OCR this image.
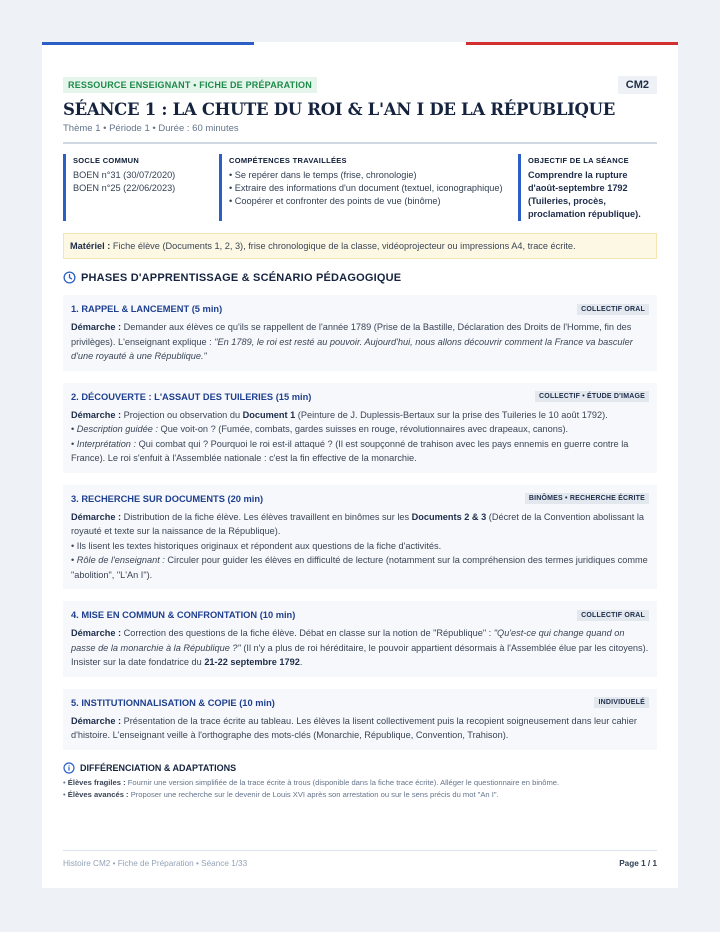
RESSOURCE ENSEIGNANT • FICHE DE PRÉPARATION	CM2
SÉANCE 1 : LA CHUTE DU ROI & L'AN I DE LA RÉPUBLIQUE
Thème 1 • Période 1 • Durée : 60 minutes
SOCLE COMMUN
BOEN n°31 (30/07/2020)
BOEN n°25 (22/06/2023)
COMPÉTENCES TRAVAILLÉES
• Se repérer dans le temps (frise, chronologie)
• Extraire des informations d'un document (textuel, iconographique)
• Coopérer et confronter des points de vue (binôme)
OBJECTIF DE LA SÉANCE
Comprendre la rupture d'août-septembre 1792 (Tuileries, procès, proclamation république).
Matériel : Fiche élève (Documents 1, 2, 3), frise chronologique de la classe, vidéoprojecteur ou impressions A4, trace écrite.
PHASES D'APPRENTISSAGE & SCÉNARIO PÉDAGOGIQUE
1. RAPPEL & LANCEMENT (5 min)	COLLECTIF ORAL
Démarche : Demander aux élèves ce qu'ils se rappellent de l'année 1789 (Prise de la Bastille, Déclaration des Droits de l'Homme, fin des privilèges). L'enseignant explique : "En 1789, le roi est resté au pouvoir. Aujourd'hui, nous allons découvrir comment la France va basculer d'une royauté à une République."
2. DÉCOUVERTE : L'ASSAUT DES TUILERIES (15 min)	COLLECTIF • ÉTUDE D'IMAGE
Démarche : Projection ou observation du Document 1 (Peinture de J. Duplessis-Bertaux sur la prise des Tuileries le 10 août 1792).
• Description guidée : Que voit-on ? (Fumée, combats, gardes suisses en rouge, révolutionnaires avec drapeaux, canons).
• Interprétation : Qui combat qui ? Pourquoi le roi est-il attaqué ? (Il est soupçonné de trahison avec les pays ennemis en guerre contre la France). Le roi s'enfuit à l'Assemblée nationale : c'est la fin effective de la monarchie.
3. RECHERCHE SUR DOCUMENTS (20 min)	BINÔMES • RECHERCHE ÉCRITE
Démarche : Distribution de la fiche élève. Les élèves travaillent en binômes sur les Documents 2 & 3 (Décret de la Convention abolissant la royauté et texte sur la naissance de la République).
• Ils lisent les textes historiques originaux et répondent aux questions de la fiche d'activités.
• Rôle de l'enseignant : Circuler pour guider les élèves en difficulté de lecture (notamment sur la compréhension des termes juridiques comme "abolition", "L'An I").
4. MISE EN COMMUN & CONFRONTATION (10 min)	COLLECTIF ORAL
Démarche : Correction des questions de la fiche élève. Débat en classe sur la notion de "République" : "Qu'est-ce qui change quand on passe de la monarchie à la République ?" (Il n'y a plus de roi héréditaire, le pouvoir appartient désormais à l'Assemblée élue par les citoyens). Insister sur la date fondatrice du 21-22 septembre 1792.
5. INSTITUTIONNALISATION & COPIE (10 min)	INDIVIDUELÉ
Démarche : Présentation de la trace écrite au tableau. Les élèves la lisent collectivement puis la recopient soigneusement dans leur cahier d'histoire. L'enseignant veille à l'orthographe des mots-clés (Monarchie, République, Convention, Trahison).
DIFFÉRENCIATION & ADAPTATIONS
• Élèves fragiles : Fournir une version simplifiée de la trace écrite à trous (disponible dans la fiche trace écrite). Alléger le questionnaire en binôme.
• Élèves avancés : Proposer une recherche sur le devenir de Louis XVI après son arrestation ou sur le sens précis du mot "An I".
Histoire CM2 • Fiche de Préparation • Séance 1/33	Page 1 / 1
